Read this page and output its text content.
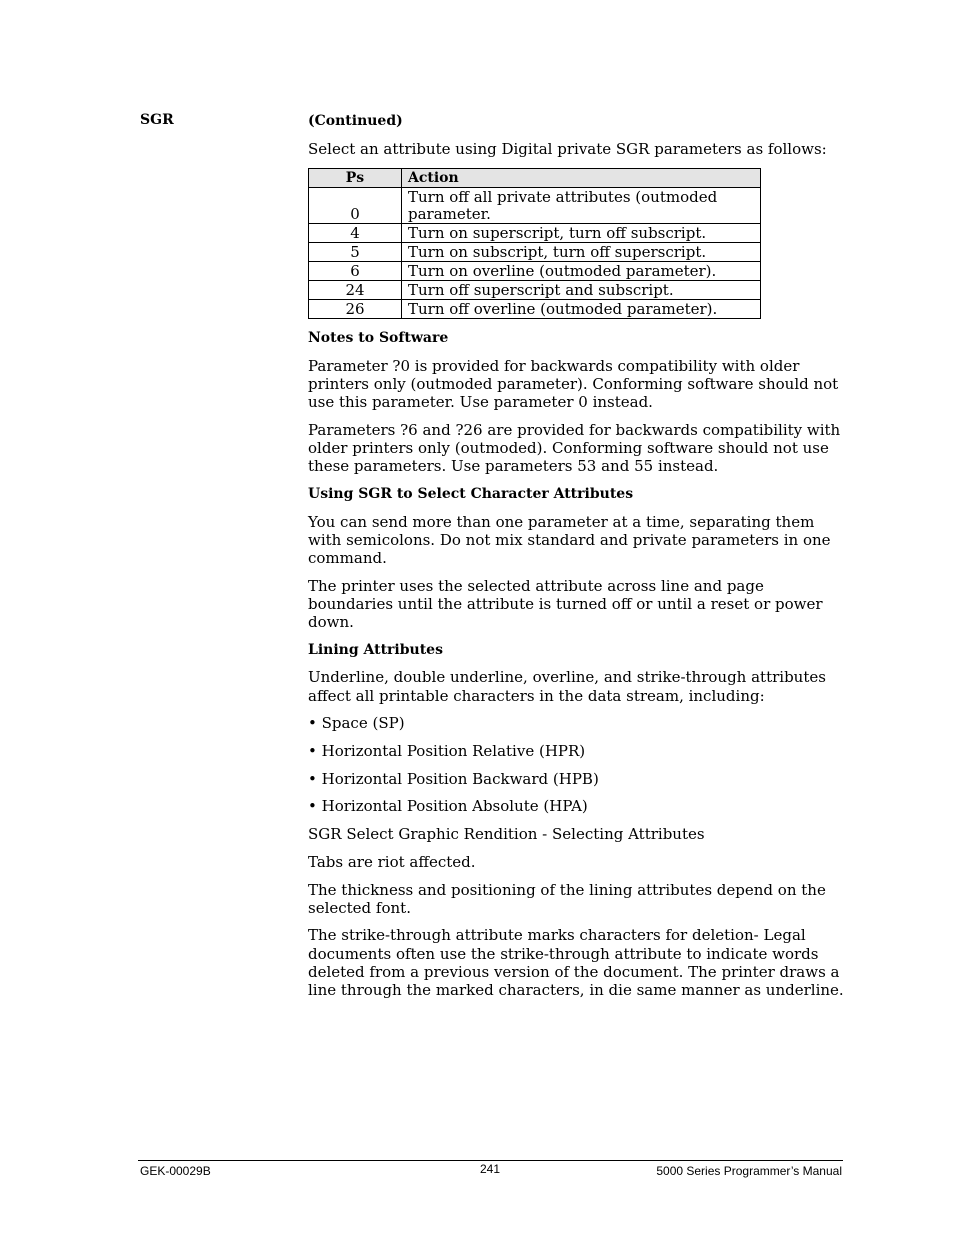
SGR	(Continued)

Select an attribute using Digital private SGR parameters as follows:

Ps	Action
0	Turn off all private attributes (outmoded parameter.
4	Turn on superscript, turn off subscript.
5	Turn on subscript, turn off superscript.
6	Turn on overline (outmoded parameter).
24	Turn off superscript and subscript.
26	Turn off overline (outmoded parameter).

Notes to Software

Parameter ?0 is provided for backwards compatibility with older printers only (outmoded parameter). Conforming software should not use this parameter. Use parameter 0 instead.

Parameters ?6 and ?26 are provided for backwards compatibility with older printers only (outmoded). Conforming software should not use these parameters. Use parameters 53 and 55 instead.

Using SGR to Select Character Attributes

You can send more than one parameter at a time, separating them with semicolons. Do not mix standard and private parameters in one command.

The printer uses the selected attribute across line and page boundaries until the attribute is turned off or until a reset or power down.

Lining Attributes

Underline, double underline, overline, and strike-through attributes affect all printable characters in the data stream, including:

• Space (SP)

• Horizontal Position Relative (HPR)

• Horizontal Position Backward (HPB)

• Horizontal Position Absolute (HPA)

SGR Select Graphic Rendition - Selecting Attributes

Tabs are riot affected.

The thickness and positioning of the lining attributes depend on the selected font.

The strike-through attribute marks characters for deletion- Legal documents often use the strike-through attribute to indicate words deleted from a previous version of the document. The printer draws a line through the marked characters, in die same manner as underline.

GEK-00029B	241	5000 Series Programmer’s Manual
